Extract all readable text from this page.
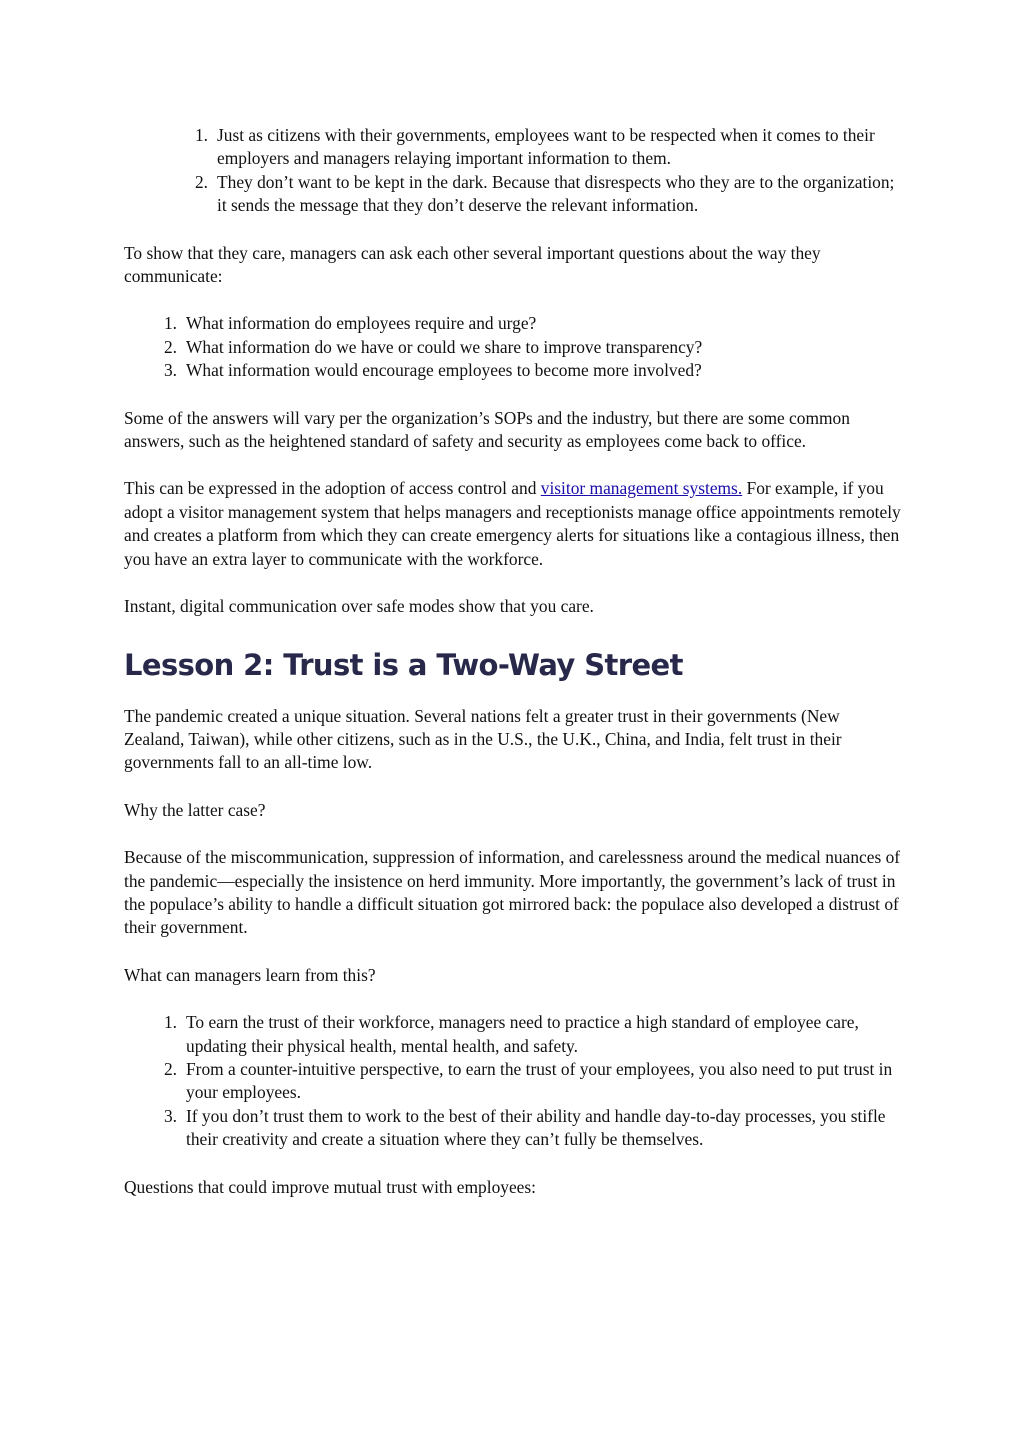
1. Just as citizens with their governments, employees want to be respected when it comes to their employers and managers relaying important information to them.
2. They don’t want to be kept in the dark. Because that disrespects who they are to the organization; it sends the message that they don’t deserve the relevant information.

To show that they care, managers can ask each other several important questions about the way they communicate:

1. What information do employees require and urge?
2. What information do we have or could we share to improve transparency?
3. What information would encourage employees to become more involved?

Some of the answers will vary per the organization’s SOPs and the industry, but there are some common answers, such as the heightened standard of safety and security as employees come back to office.

This can be expressed in the adoption of access control and visitor management systems. For example, if you adopt a visitor management system that helps managers and receptionists manage office appointments remotely and creates a platform from which they can create emergency alerts for situations like a contagious illness, then you have an extra layer to communicate with the workforce.

Instant, digital communication over safe modes show that you care.

Lesson 2: Trust is a Two-Way Street

The pandemic created a unique situation. Several nations felt a greater trust in their governments (New Zealand, Taiwan), while other citizens, such as in the U.S., the U.K., China, and India, felt trust in their governments fall to an all-time low.

Why the latter case?

Because of the miscommunication, suppression of information, and carelessness around the medical nuances of the pandemic—especially the insistence on herd immunity. More importantly, the government’s lack of trust in the populace’s ability to handle a difficult situation got mirrored back: the populace also developed a distrust of their government.

What can managers learn from this?

1. To earn the trust of their workforce, managers need to practice a high standard of employee care, updating their physical health, mental health, and safety.
2. From a counter-intuitive perspective, to earn the trust of your employees, you also need to put trust in your employees.
3. If you don’t trust them to work to the best of their ability and handle day-to-day processes, you stifle their creativity and create a situation where they can’t fully be themselves.

Questions that could improve mutual trust with employees:
